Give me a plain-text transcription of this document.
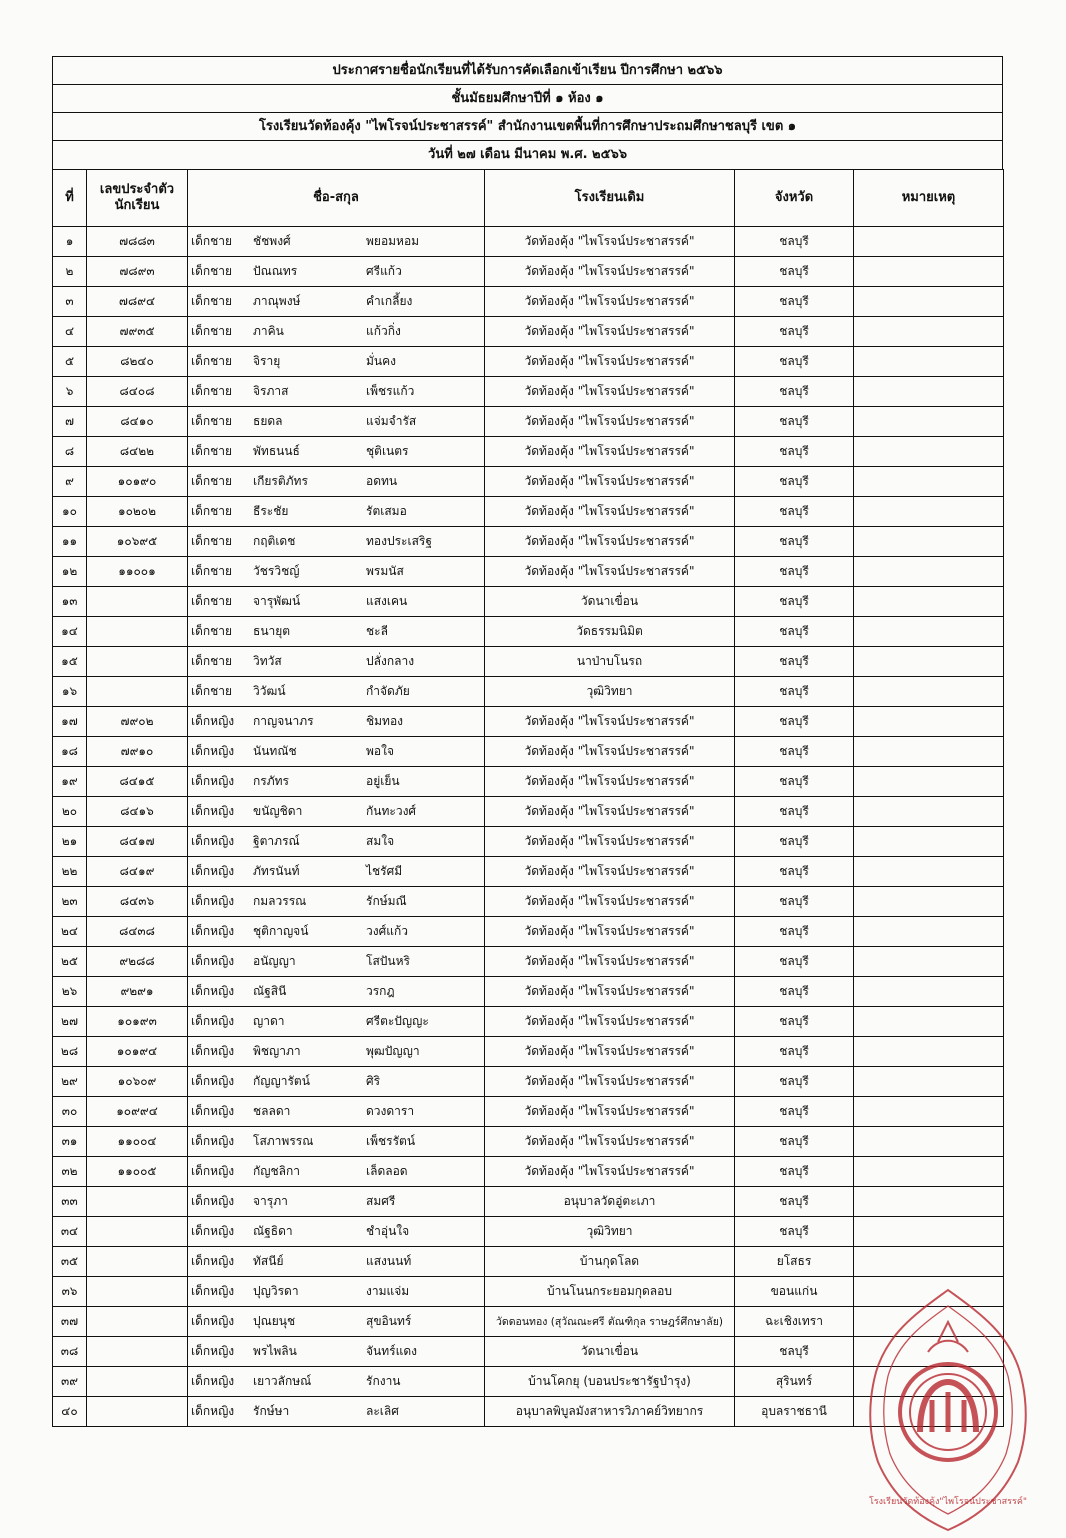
ประกาศรายชื่อนักเรียนที่ได้รับการคัดเลือกเข้าเรียน ปีการศึกษา ๒๕๖๖
ชั้นมัธยมศึกษาปีที่ ๑ ห้อง ๑
โรงเรียนวัดท้องคุ้ง "ไพโรจน์ประชาสรรค์" สำนักงานเขตพื้นที่การศึกษาประถมศึกษาชลบุรี เขต ๑
วันที่ ๒๗ เดือน มีนาคม พ.ศ. ๒๕๖๖
ที่	เลขประจำตัว นักเรียน	ชื่อ-สกุล	โรงเรียนเดิม	จังหวัด	หมายเหตุ
๑	๗๘๘๓	เด็กชาย ชัชพงศ์ พยอมหอม	วัดท้องคุ้ง "ไพโรจน์ประชาสรรค์"	ชลบุรี	
๒	๗๘๙๓	เด็กชาย ปัณณทร ศรีแก้ว	วัดท้องคุ้ง "ไพโรจน์ประชาสรรค์"	ชลบุรี	
๓	๗๘๙๔	เด็กชาย ภาณุพงษ์ คำเกลี้ยง	วัดท้องคุ้ง "ไพโรจน์ประชาสรรค์"	ชลบุรี	
๔	๗๙๓๕	เด็กชาย ภาคิน แก้วกิ่ง	วัดท้องคุ้ง "ไพโรจน์ประชาสรรค์"	ชลบุรี	
๕	๘๒๔๐	เด็กชาย จิรายุ มั่นคง	วัดท้องคุ้ง "ไพโรจน์ประชาสรรค์"	ชลบุรี	
๖	๘๔๐๘	เด็กชาย จิรภาส เพ็ชรแก้ว	วัดท้องคุ้ง "ไพโรจน์ประชาสรรค์"	ชลบุรี	
๗	๘๔๑๐	เด็กชาย ธยดล แจ่มจำรัส	วัดท้องคุ้ง "ไพโรจน์ประชาสรรค์"	ชลบุรี	
๘	๘๔๒๒	เด็กชาย พัทธนนธ์ ชุติเนตร	วัดท้องคุ้ง "ไพโรจน์ประชาสรรค์"	ชลบุรี	
๙	๑๐๑๙๐	เด็กชาย เกียรติภัทร อดทน	วัดท้องคุ้ง "ไพโรจน์ประชาสรรค์"	ชลบุรี	
๑๐	๑๐๒๐๒	เด็กชาย ธีระชัย รัตเสมอ	วัดท้องคุ้ง "ไพโรจน์ประชาสรรค์"	ชลบุรี	
๑๑	๑๐๖๙๕	เด็กชาย กฤติเดช ทองประเสริฐ	วัดท้องคุ้ง "ไพโรจน์ประชาสรรค์"	ชลบุรี	
๑๒	๑๑๐๐๑	เด็กชาย วัชรวิชญ์ พรมนัส	วัดท้องคุ้ง "ไพโรจน์ประชาสรรค์"	ชลบุรี	
๑๓		เด็กชาย จารุพัฒน์ แสงเคน	วัดนาเขื่อน	ชลบุรี	
๑๔		เด็กชาย ธนายุต ชะลี	วัดธรรมนิมิต	ชลบุรี	
๑๕		เด็กชาย วิทวัส ปลั่งกลาง	นาป่าบโนรถ	ชลบุรี	
๑๖		เด็กชาย วิวัฒน์ กำจัดภัย	วุฒิวิทยา	ชลบุรี	
๑๗	๗๙๐๒	เด็กหญิง กาญจนาภร ชิมทอง	วัดท้องคุ้ง "ไพโรจน์ประชาสรรค์"	ชลบุรี	
๑๘	๗๙๑๐	เด็กหญิง นันทณัช พอใจ	วัดท้องคุ้ง "ไพโรจน์ประชาสรรค์"	ชลบุรี	
๑๙	๘๔๑๕	เด็กหญิง กรภัทร อยู่เย็น	วัดท้องคุ้ง "ไพโรจน์ประชาสรรค์"	ชลบุรี	
๒๐	๘๔๑๖	เด็กหญิง ขนัญชิดา กันทะวงศ์	วัดท้องคุ้ง "ไพโรจน์ประชาสรรค์"	ชลบุรี	
๒๑	๘๔๑๗	เด็กหญิง ฐิตาภรณ์ สมใจ	วัดท้องคุ้ง "ไพโรจน์ประชาสรรค์"	ชลบุรี	
๒๒	๘๔๑๙	เด็กหญิง ภัทรนันท์ ไชรัศมี	วัดท้องคุ้ง "ไพโรจน์ประชาสรรค์"	ชลบุรี	
๒๓	๘๔๓๖	เด็กหญิง กมลวรรณ รักษ์มณี	วัดท้องคุ้ง "ไพโรจน์ประชาสรรค์"	ชลบุรี	
๒๔	๘๔๓๘	เด็กหญิง ชุติกาญจน์ วงศ์แก้ว	วัดท้องคุ้ง "ไพโรจน์ประชาสรรค์"	ชลบุรี	
๒๕	๙๒๘๘	เด็กหญิง อนัญญา โสปันหริ	วัดท้องคุ้ง "ไพโรจน์ประชาสรรค์"	ชลบุรี	
๒๖	๙๒๙๑	เด็กหญิง ณัฐสินี วรกฎ	วัดท้องคุ้ง "ไพโรจน์ประชาสรรค์"	ชลบุรี	
๒๗	๑๐๑๙๓	เด็กหญิง ญาดา ศรีตะปัญญะ	วัดท้องคุ้ง "ไพโรจน์ประชาสรรค์"	ชลบุรี	
๒๘	๑๐๑๙๔	เด็กหญิง พิชญาภา พุฒปัญญา	วัดท้องคุ้ง "ไพโรจน์ประชาสรรค์"	ชลบุรี	
๒๙	๑๐๖๐๙	เด็กหญิง กัญญารัตน์ ศิริ	วัดท้องคุ้ง "ไพโรจน์ประชาสรรค์"	ชลบุรี	
๓๐	๑๐๙๙๔	เด็กหญิง ชลลดา ดวงดารา	วัดท้องคุ้ง "ไพโรจน์ประชาสรรค์"	ชลบุรี	
๓๑	๑๑๐๐๔	เด็กหญิง โสภาพรรณ เพ็ชรรัตน์	วัดท้องคุ้ง "ไพโรจน์ประชาสรรค์"	ชลบุรี	
๓๒	๑๑๐๐๕	เด็กหญิง กัญชลิกา เล็ดลอด	วัดท้องคุ้ง "ไพโรจน์ประชาสรรค์"	ชลบุรี	
๓๓		เด็กหญิง จารุภา สมศรี	อนุบาลวัดอู่ตะเภา	ชลบุรี	
๓๔		เด็กหญิง ณัฐธิดา ชำอุ่นใจ	วุฒิวิทยา	ชลบุรี	
๓๕		เด็กหญิง ทัสนีย์ แสงนนท์	บ้านกุดโลด	ยโสธร	
๓๖		เด็กหญิง ปุญวิรดา งามแจ่ม	บ้านโนนกระยอมกุดลอบ	ขอนแก่น	
๓๗		เด็กหญิง ปุณยนุช สุขอินทร์	วัดดอนทอง (สุวัณณะศรี ตัณฑิกุล ราษฎร์ศึกษาลัย)	ฉะเชิงเทรา	
๓๘		เด็กหญิง พรไพลิน จันทร์แดง	วัดนาเขื่อน	ชลบุรี	
๓๙		เด็กหญิง เยาวลักษณ์ รักงาน	บ้านโคกยุ (บอนประชารัฐบำรุง)	สุรินทร์	
๔๐		เด็กหญิง รักษ์ษา ละเลิศ	อนุบาลพิบูลมังสาหารวิภาคย์วิทยากร	อุบลราชธานี	
โรงเรียนวัดท้องคุ้ง"ไพโรจน์ประชาสรรค์"
